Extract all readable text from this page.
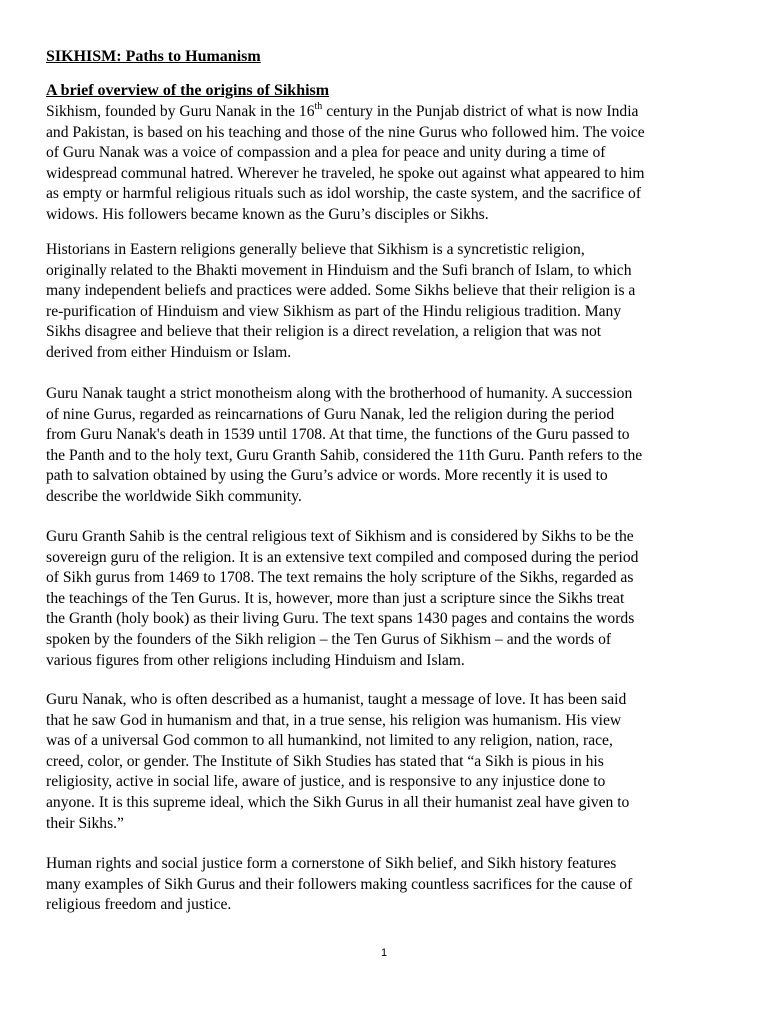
SIKHISM: Paths to Humanism
A brief overview of the origins of Sikhism
Sikhism, founded by Guru Nanak in the 16th century in the Punjab district of what is now India
and Pakistan, is based on his teaching and those of the nine Gurus who followed him. The voice
of Guru Nanak was a voice of compassion and a plea for peace and unity during a time of
widespread communal hatred. Wherever he traveled, he spoke out against what appeared to him
as empty or harmful religious rituals such as idol worship, the caste system, and the sacrifice of
widows. His followers became known as the Guru’s disciples or Sikhs.
Historians in Eastern religions generally believe that Sikhism is a syncretistic religion,
originally related to the Bhakti movement in Hinduism and the Sufi branch of Islam, to which
many independent beliefs and practices were added. Some Sikhs believe that their religion is a
re-purification of Hinduism and view Sikhism as part of the Hindu religious tradition. Many
Sikhs disagree and believe that their religion is a direct revelation, a religion that was not
derived from either Hinduism or Islam.
Guru Nanak taught a strict monotheism along with the brotherhood of humanity. A succession
of nine Gurus, regarded as reincarnations of Guru Nanak, led the religion during the period
from Guru Nanak's death in 1539 until 1708. At that time, the functions of the Guru passed to
the Panth and to the holy text, Guru Granth Sahib, considered the 11th Guru. Panth refers to the
path to salvation obtained by using the Guru’s advice or words. More recently it is used to
describe the worldwide Sikh community.
Guru Granth Sahib is the central religious text of Sikhism and is considered by Sikhs to be the
sovereign guru of the religion. It is an extensive text compiled and composed during the period
of Sikh gurus from 1469 to 1708. The text remains the holy scripture of the Sikhs, regarded as
the teachings of the Ten Gurus. It is, however, more than just a scripture since the Sikhs treat
the Granth (holy book) as their living Guru. The text spans 1430 pages and contains the words
spoken by the founders of the Sikh religion – the Ten Gurus of Sikhism – and the words of
various figures from other religions including Hinduism and Islam.
Guru Nanak, who is often described as a humanist, taught a message of love. It has been said
that he saw God in humanism and that, in a true sense, his religion was humanism. His view
was of a universal God common to all humankind, not limited to any religion, nation, race,
creed, color, or gender. The Institute of Sikh Studies has stated that “a Sikh is pious in his
religiosity, active in social life, aware of justice, and is responsive to any injustice done to
anyone. It is this supreme ideal, which the Sikh Gurus in all their humanist zeal have given to
their Sikhs.”
Human rights and social justice form a cornerstone of Sikh belief, and Sikh history features
many examples of Sikh Gurus and their followers making countless sacrifices for the cause of
religious freedom and justice.
1
